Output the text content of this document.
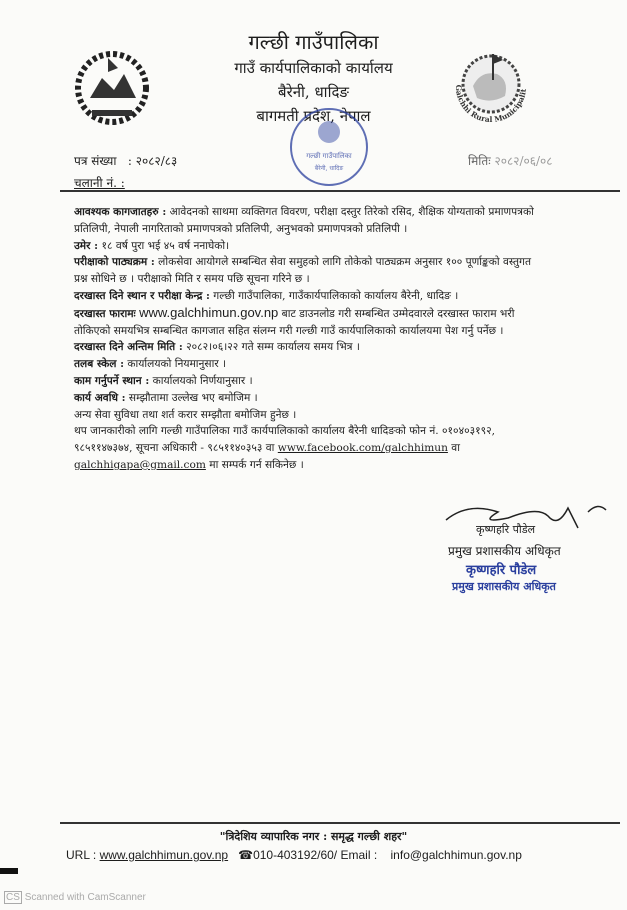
Galchhi Rural Municipalit
गल्छी गाउँपालिका
गाउँ कार्यपालिकाको कार्यालय
बैरेनी, धादिङ
बागमती प्रदेश, नेपाल
गल्छी गाउँपालिका
बैरेनी, धादिङ
पत्र संख्या : २०८२/८३
चलानी नं. :
मितिः २०८२/०६/०८

आवश्यक कागजातहरु : आवेदनको साथमा व्यक्तिगत विवरण, परीक्षा दस्तुर तिरेको रसिद, शैक्षिक योग्यताको प्रमाणपत्रको

प्रतिलिपी, नेपाली नागरिताको प्रमाणपत्रको प्रतिलिपी, अनुभवको प्रमाणपत्रको प्रतिलिपी ।

उमेर : १८ वर्ष पुरा भई ४५ वर्ष ननाघेको।

परीक्षाको पाठ्यक्रम : लोकसेवा आयोगले सम्बन्धित सेवा समुहको लागि तोकेको पाठ्यक्रम अनुसार १०० पूर्णाङ्कको वस्तुगत

प्रश्न सोधिने छ । परीक्षाको मिति र समय पछि सूचना गरिने छ ।

दरखास्त दिने स्थान र परीक्षा केन्द्र : गल्छी गाउँपालिका, गाउँकार्यपालिकाको कार्यालय बैरेनी, धादिङ ।

दरखास्त फारामः www.galchhimun.gov.np बाट डाउनलोड गरी सम्बन्धित उम्मेदवारले दरखास्त फाराम भरी

तोकिएको समयभित्र सम्बन्धित कागजात सहित संलग्न गरी गल्छी गाउँ कार्यपालिकाको कार्यालयमा पेश गर्नु पर्नेछ ।

दरखास्त दिने अन्तिम मिति : २०८२।०६।२२ गते सम्म कार्यालय समय भित्र ।

तलब स्केल : कार्यालयको नियमानुसार ।

काम गर्नुपर्ने स्थान : कार्यालयको निर्णयानुसार ।

कार्य अवधि : सम्झौतामा उल्लेख भए बमोजिम ।

अन्य सेवा सुविधा तथा शर्त करार सम्झौता बमोजिम हुनेछ ।

थप जानकारीको लागि गल्छी गाउँपालिका गाउँ कार्यपालिकाको कार्यालय बैरेनी धादिङको फोन नं. ०१०४०३१९२,

९८५११४७३७४, सूचना अधिकारी - ९८५११४०३५३ वा www.facebook.com/galchhimun वा

galchhigapa@gmail.com मा सम्पर्क गर्न सकिनेछ ।

कृष्णहरि पौडेल
प्रमुख प्रशासकीय अधिकृत
कृष्णहरि पौडेल
प्रमुख प्रशासकीय अधिकृत
"त्रिदेशिय व्यापारिक नगर : समृद्ध गल्छी शहर"
URL : www.galchhimun.gov.np ☎010-403192/60/ Email : info@galchhimun.gov.np
CS Scanned with CamScanner
